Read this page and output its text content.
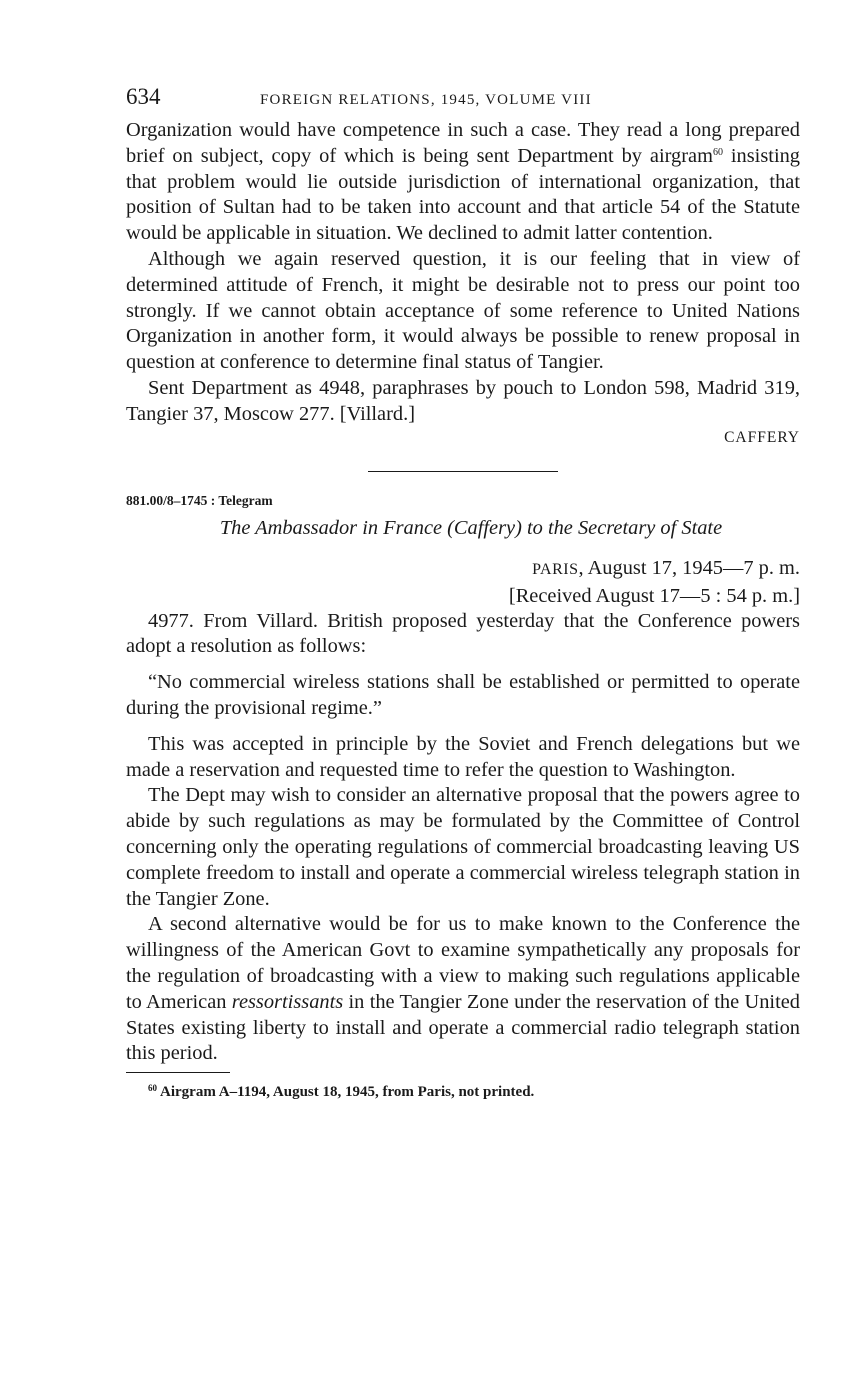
634	FOREIGN RELATIONS, 1945, VOLUME VIII

Organization would have competence in such a case. They read a long prepared brief on subject, copy of which is being sent Department by airgram$^{60}$ insisting that problem would lie outside jurisdiction of international organization, that position of Sultan had to be taken into account and that article 54 of the Statute would be applicable in situation. We declined to admit latter contention.

Although we again reserved question, it is our feeling that in view of determined attitude of French, it might be desirable not to press our point too strongly. If we cannot obtain acceptance of some reference to United Nations Organization in another form, it would always be possible to renew proposal in question at conference to determine final status of Tangier.

Sent Department as 4948, paraphrases by pouch to London 598, Madrid 319, Tangier 37, Moscow 277. [Villard.]

CAFFERY
881.00/8–1745 : Telegram
The Ambassador in France (Caffery) to the Secretary of State
PARIS, August 17, 1945—7 p. m.
[Received August 17—5 : 54 p. m.]

4977. From Villard. British proposed yesterday that the Conference powers adopt a resolution as follows:

“No commercial wireless stations shall be established or permitted to operate during the provisional regime.”

This was accepted in principle by the Soviet and French delegations but we made a reservation and requested time to refer the question to Washington.

The Dept may wish to consider an alternative proposal that the powers agree to abide by such regulations as may be formulated by the Committee of Control concerning only the operating regulations of commercial broadcasting leaving US complete freedom to install and operate a commercial wireless telegraph station in the Tangier Zone.

A second alternative would be for us to make known to the Conference the willingness of the American Govt to examine sympathetically any proposals for the regulation of broadcasting with a view to making such regulations applicable to American ressortissants in the Tangier Zone under the reservation of the United States existing liberty to install and operate a commercial radio telegraph station this period.

$^{60}$ Airgram A–1194, August 18, 1945, from Paris, not printed.
